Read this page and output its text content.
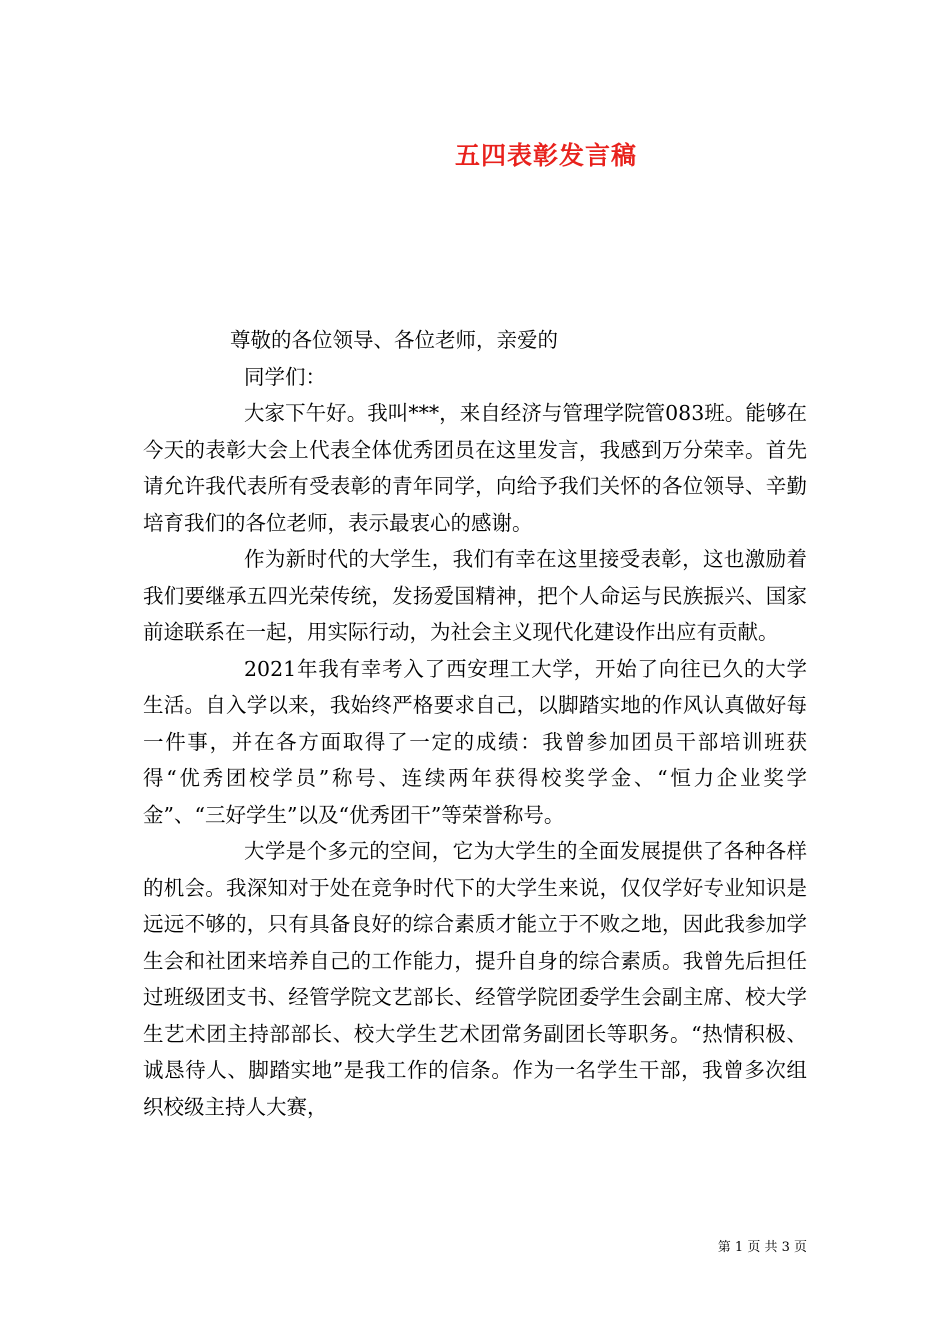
五四表彰发言稿

尊敬的各位领导、各位老师，亲爱的

同学们：

大家下午好。我叫***，来自经济与管理学院管083班。能够在今天的表彰大会上代表全体优秀团员在这里发言，我感到万分荣幸。首先请允许我代表所有受表彰的青年同学，向给予我们关怀的各位领导、辛勤培育我们的各位老师，表示最衷心的感谢。

作为新时代的大学生，我们有幸在这里接受表彰，这也激励着我们要继承五四光荣传统，发扬爱国精神，把个人命运与民族振兴、国家前途联系在一起，用实际行动，为社会主义现代化建设作出应有贡献。

2021年我有幸考入了西安理工大学，开始了向往已久的大学生活。自入学以来，我始终严格要求自己，以脚踏实地的作风认真做好每一件事，并在各方面取得了一定的成绩：我曾参加团员干部培训班获得“优秀团校学员”称号、连续两年获得校奖学金、“恒力企业奖学金”、“三好学生”以及“优秀团干”等荣誉称号。

大学是个多元的空间，它为大学生的全面发展提供了各种各样的机会。我深知对于处在竞争时代下的大学生来说，仅仅学好专业知识是远远不够的，只有具备良好的综合素质才能立于不败之地，因此我参加学生会和社团来培养自己的工作能力，提升自身的综合素质。我曾先后担任过班级团支书、经管学院文艺部长、经管学院团委学生会副主席、校大学生艺术团主持部部长、校大学生艺术团常务副团长等职务。“热情积极、诚恳待人、脚踏实地”是我工作的信条。作为一名学生干部，我曾多次组织校级主持人大赛，

第 1 页 共 3 页
